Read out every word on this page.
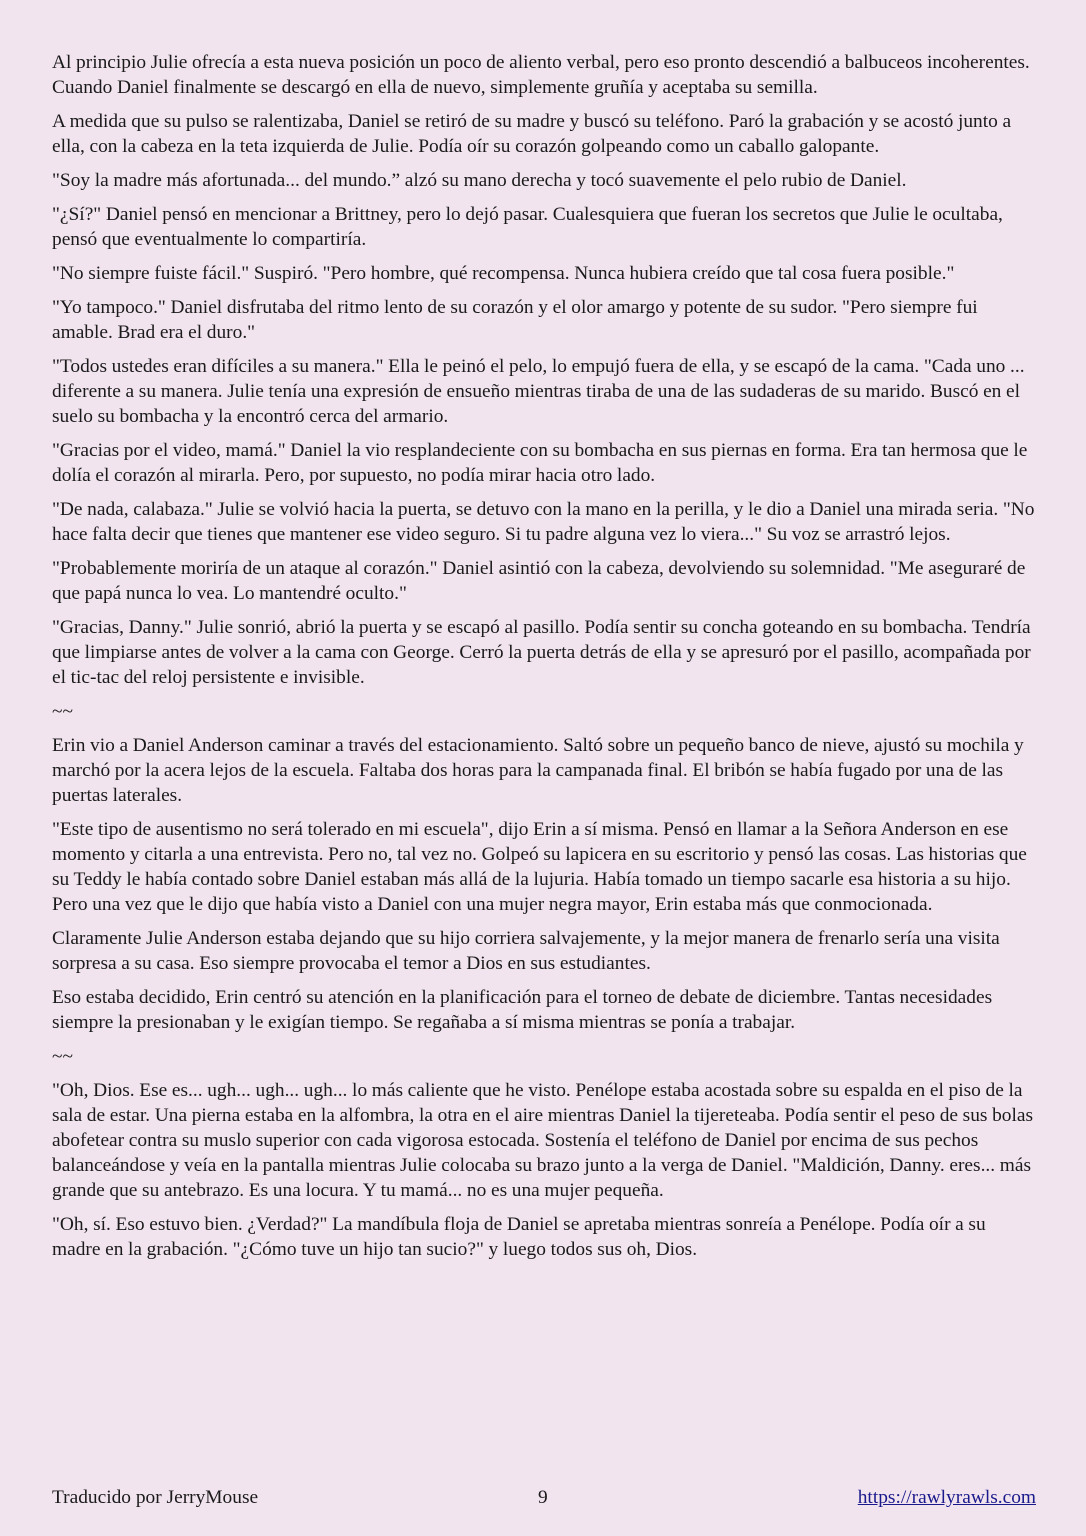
Al principio Julie ofrecía a esta nueva posición un poco de aliento verbal, pero eso pronto descendió a balbuceos incoherentes. Cuando Daniel finalmente se descargó en ella de nuevo, simplemente gruñía y aceptaba su semilla.

A medida que su pulso se ralentizaba, Daniel se retiró de su madre y buscó su teléfono. Paró la grabación y se acostó junto a ella, con la cabeza en la teta izquierda de Julie. Podía oír su corazón golpeando como un caballo galopante.

"Soy la madre más afortunada... del mundo.” alzó su mano derecha y tocó suavemente el pelo rubio de Daniel.

"¿Sí?" Daniel pensó en mencionar a Brittney, pero lo dejó pasar. Cualesquiera que fueran los secretos que Julie le ocultaba, pensó que eventualmente lo compartiría.

"No siempre fuiste fácil." Suspiró. "Pero hombre, qué recompensa. Nunca hubiera creído que tal cosa fuera posible."

"Yo tampoco." Daniel disfrutaba del ritmo lento de su corazón y el olor amargo y potente de su sudor. "Pero siempre fui amable. Brad era el duro."

"Todos ustedes eran difíciles a su manera." Ella le peinó el pelo, lo empujó fuera de ella, y se escapó de la cama. "Cada uno ... diferente a su manera. Julie tenía una expresión de ensueño mientras tiraba de una de las sudaderas de su marido. Buscó en el suelo su bombacha y la encontró cerca del armario.

"Gracias por el video, mamá." Daniel la vio resplandeciente con su bombacha en sus piernas en forma. Era tan hermosa que le dolía el corazón al mirarla. Pero, por supuesto, no podía mirar hacia otro lado.

"De nada, calabaza." Julie se volvió hacia la puerta, se detuvo con la mano en la perilla, y le dio a Daniel una mirada seria. "No hace falta decir que tienes que mantener ese video seguro. Si tu padre alguna vez lo viera..." Su voz se arrastró lejos.

"Probablemente moriría de un ataque al corazón." Daniel asintió con la cabeza, devolviendo su solemnidad. "Me aseguraré de que papá nunca lo vea. Lo mantendré oculto."

"Gracias, Danny." Julie sonrió, abrió la puerta y se escapó al pasillo. Podía sentir su concha goteando en su bombacha. Tendría que limpiarse antes de volver a la cama con George. Cerró la puerta detrás de ella y se apresuró por el pasillo, acompañada por el tic-tac del reloj persistente e invisible.

~~

Erin vio a Daniel Anderson caminar a través del estacionamiento. Saltó sobre un pequeño banco de nieve, ajustó su mochila y marchó por la acera lejos de la escuela. Faltaba dos horas para la campanada final. El bribón se había fugado por una de las puertas laterales.

"Este tipo de ausentismo no será tolerado en mi escuela", dijo Erin a sí misma. Pensó en llamar a la Señora Anderson en ese momento y citarla a una entrevista. Pero no, tal vez no. Golpeó su lapicera en su escritorio y pensó las cosas. Las historias que su Teddy le había contado sobre Daniel estaban más allá de la lujuria. Había tomado un tiempo sacarle esa historia a su hijo. Pero una vez que le dijo que había visto a Daniel con una mujer negra mayor, Erin estaba más que conmocionada.

Claramente Julie Anderson estaba dejando que su hijo corriera salvajemente, y la mejor manera de frenarlo sería una visita sorpresa a su casa. Eso siempre provocaba el temor a Dios en sus estudiantes.

Eso estaba decidido, Erin centró su atención en la planificación para el torneo de debate de diciembre. Tantas necesidades siempre la presionaban y le exigían tiempo. Se regañaba a sí misma mientras se ponía a trabajar.

~~

"Oh, Dios. Ese es... ugh... ugh... ugh... lo más caliente que he visto. Penélope estaba acostada sobre su espalda en el piso de la sala de estar. Una pierna estaba en la alfombra, la otra en el aire mientras Daniel la tijereteaba. Podía sentir el peso de sus bolas abofetear contra su muslo superior con cada vigorosa estocada. Sostenía el teléfono de Daniel por encima de sus pechos balanceándose y veía en la pantalla mientras Julie colocaba su brazo junto a la verga de Daniel. "Maldición, Danny. eres... más grande que su antebrazo. Es una locura. Y tu mamá... no es una mujer pequeña.

"Oh, sí. Eso estuvo bien. ¿Verdad?" La mandíbula floja de Daniel se apretaba mientras sonreía a Penélope. Podía oír a su madre en la grabación. "¿Cómo tuve un hijo tan sucio?" y luego todos sus oh, Dios.

Traducido por JerryMouse	9	https://rawlyrawls.com
